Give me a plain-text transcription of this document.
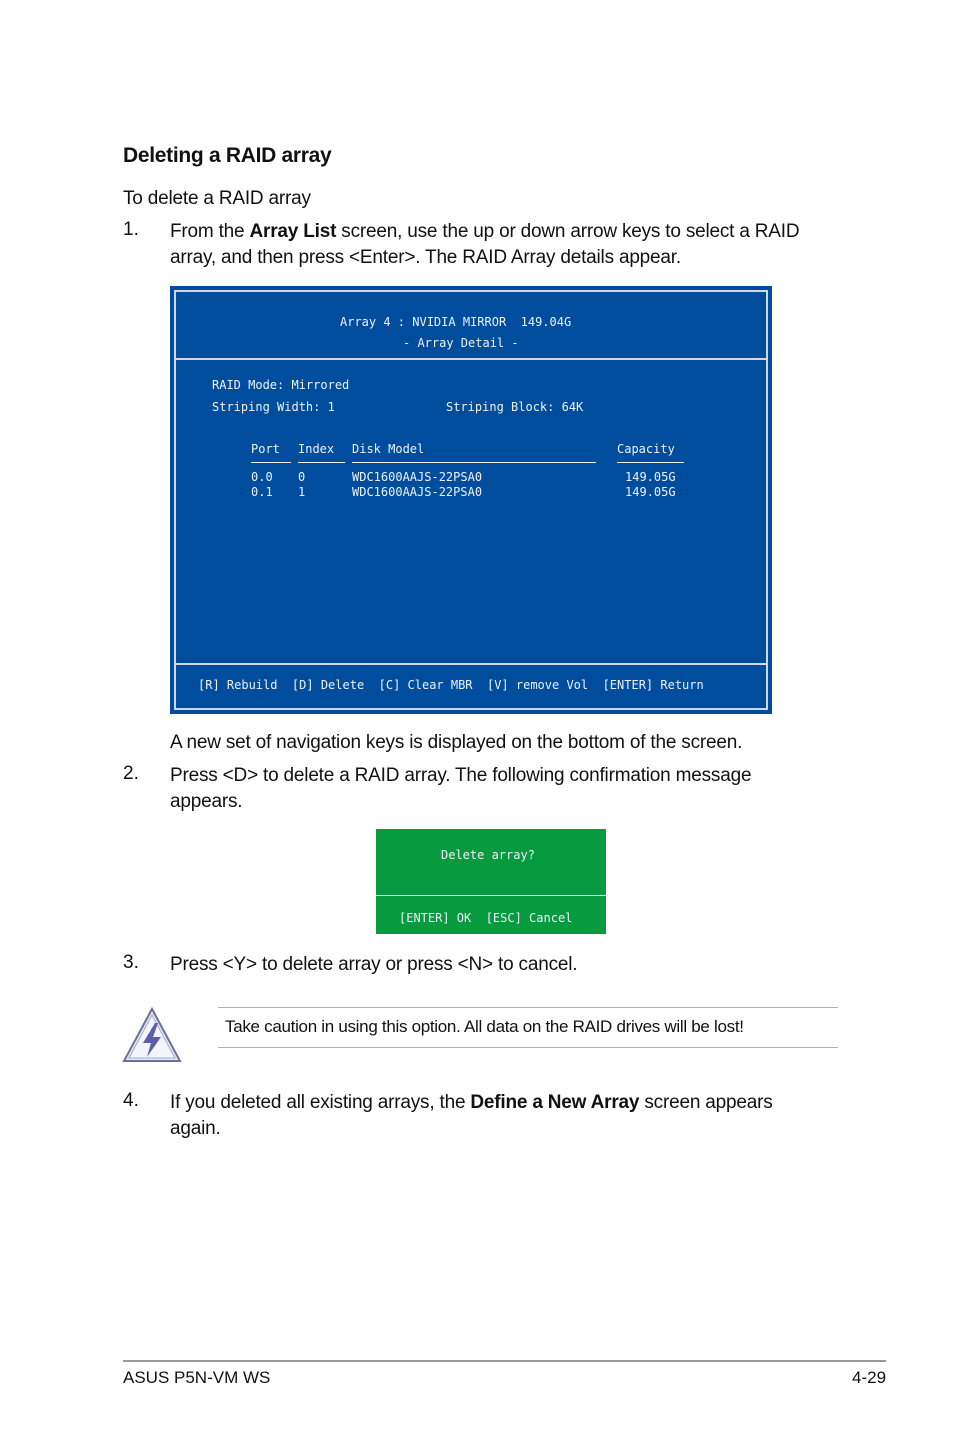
Deleting a RAID array
To delete a RAID array
1. From the Array List screen, use the up or down arrow keys to select a RAID
array, and then press <Enter>. The RAID Array details appear.
Array 4 : NVIDIA MIRROR  149.04G
- Array Detail -
RAID Mode: Mirrored
Striping Width: 1	Striping Block: 64K
Port Index Disk Model	Capacity
0.0 0	WDC1600AAJS-22PSA0	149.05G
0.1 1	WDC1600AAJS-22PSA0	149.05G
[R] Rebuild  [D] Delete  [C] Clear MBR  [V] remove Vol  [ENTER] Return
A new set of navigation keys is displayed on the bottom of the screen.
2. Press <D> to delete a RAID array. The following confirmation message
appears.
Delete array?
[ENTER] OK  [ESC] Cancel
3. Press <Y> to delete array or press <N> to cancel.
Take caution in using this option. All data on the RAID drives will be lost!
4. If you deleted all existing arrays, the Define a New Array screen appears
again.
ASUS P5N-VM WS	4-29
